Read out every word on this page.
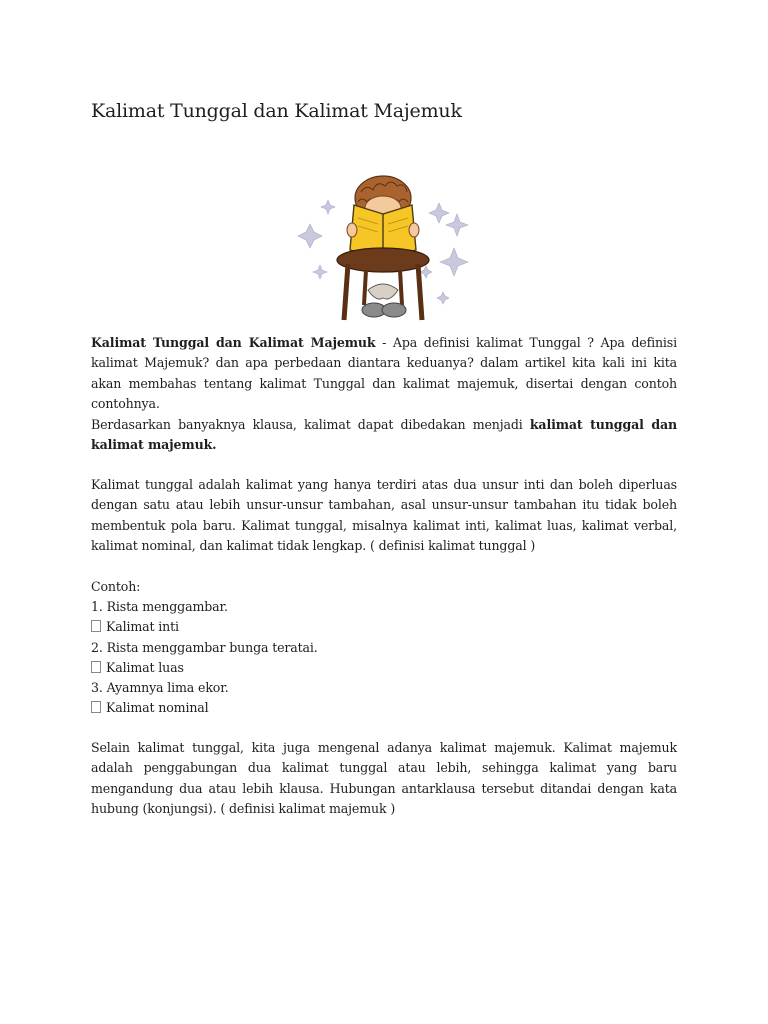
Kalimat Tunggal dan Kalimat Majemuk

Kalimat Tunggal dan Kalimat Majemuk - Apa definisi kalimat Tunggal ? Apa definisi kalimat Majemuk? dan apa perbedaan diantara keduanya? dalam artikel kita kali ini kita akan membahas tentang kalimat Tunggal dan kalimat majemuk, disertai dengan contoh contohnya.

Berdasarkan banyaknya klausa, kalimat dapat dibedakan menjadi kalimat tunggal dan kalimat majemuk.

Kalimat tunggal adalah kalimat yang hanya terdiri atas dua unsur inti dan boleh diperluas dengan satu atau lebih unsur-unsur tambahan, asal unsur-unsur tambahan itu tidak boleh membentuk pola baru. Kalimat tunggal, misalnya kalimat inti, kalimat luas, kalimat verbal, kalimat nominal, dan kalimat tidak lengkap. ( definisi kalimat tunggal )

Contoh:
1. Rista menggambar.
Kalimat inti
2. Rista menggambar bunga teratai.
Kalimat luas
3. Ayamnya lima ekor.
Kalimat nominal

Selain kalimat tunggal, kita juga mengenal adanya kalimat majemuk. Kalimat majemuk adalah penggabungan dua kalimat tunggal atau lebih, sehingga kalimat yang baru mengandung dua atau lebih klausa. Hubungan antarklausa tersebut ditandai dengan kata hubung (konjungsi). ( definisi kalimat majemuk )
